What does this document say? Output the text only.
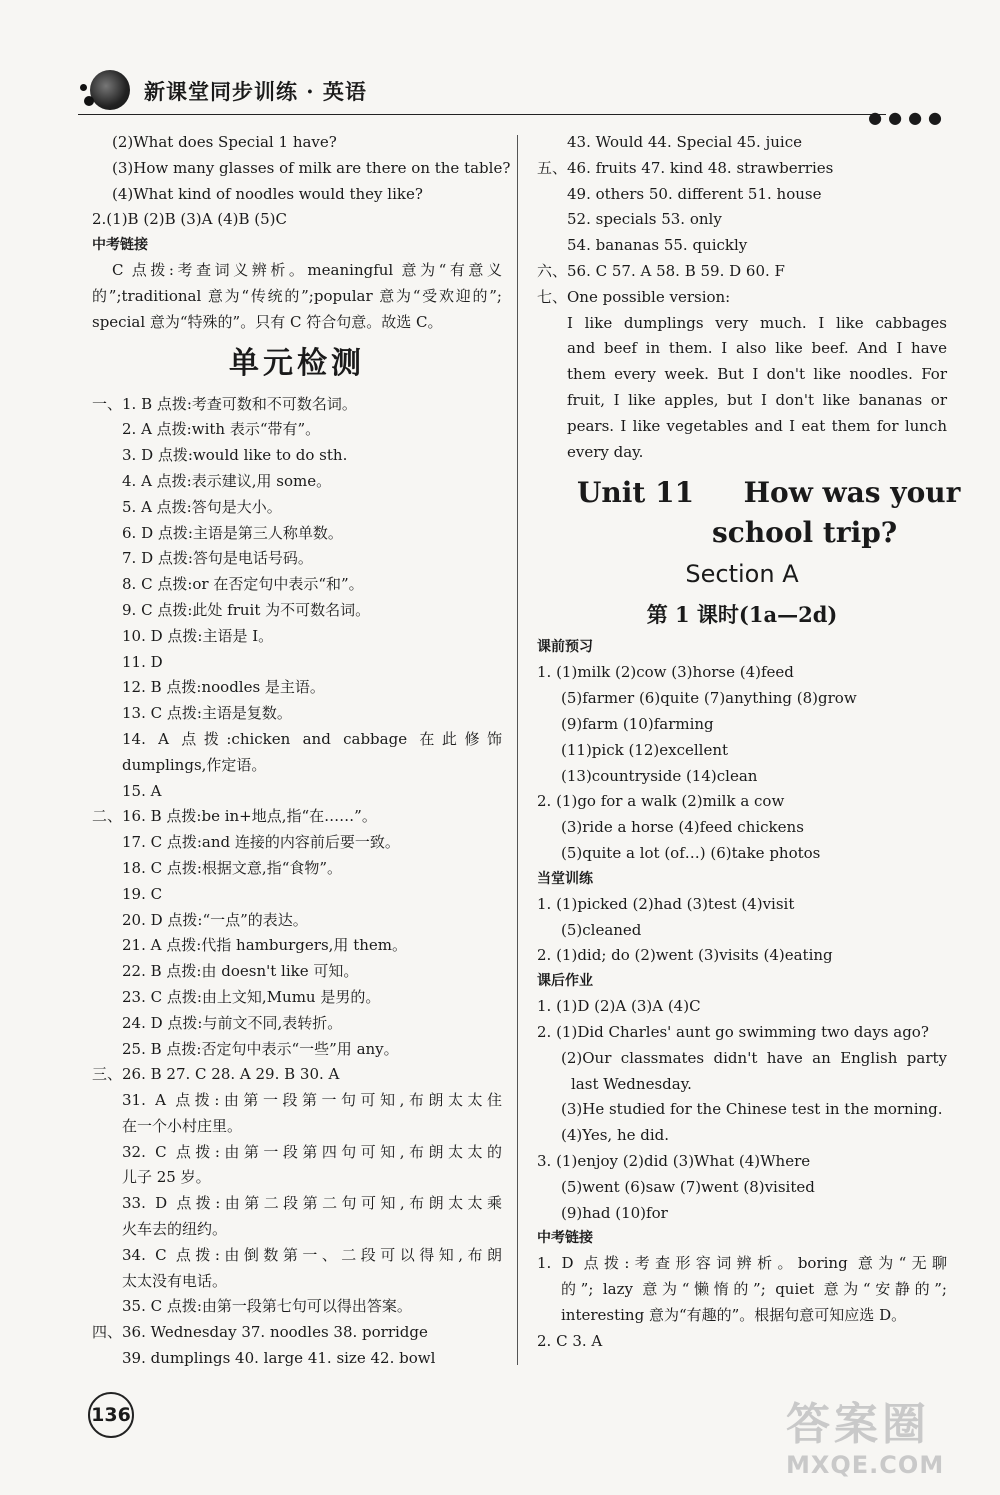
新课堂同步训练 · 英语
●●●●
(2)What does Special 1 have?
(3)How many glasses of milk are there on the table?
(4)What kind of noodles would they like?
2.(1)B (2)B (3)A (4)B (5)C
中考链接
C 点拨:考查词义辨析。meaningful 意为“有意义
的”;traditional 意为“传统的”;popular 意为“受欢迎的”;
special 意为“特殊的”。只有 C 符合句意。故选 C。
单元检测
一、1. B 点拨:考查可数和不可数名词。
2. A 点拨:with 表示“带有”。
3. D 点拨:would like to do sth.
4. A 点拨:表示建议,用 some。
5. A 点拨:答句是大小。
6. D 点拨:主语是第三人称单数。
7. D 点拨:答句是电话号码。
8. C 点拨:or 在否定句中表示“和”。
9. C 点拨:此处 fruit 为不可数名词。
10. D 点拨:主语是 I。
11. D
12. B 点拨:noodles 是主语。
13. C 点拨:主语是复数。
14. A 点拨:chicken and cabbage 在此修饰
dumplings,作定语。
15. A
二、16. B 点拨:be in+地点,指“在……”。
17. C 点拨:and 连接的内容前后要一致。
18. C 点拨:根据文意,指“食物”。
19. C
20. D 点拨:“一点”的表达。
21. A 点拨:代指 hamburgers,用 them。
22. B 点拨:由 doesn't like 可知。
23. C 点拨:由上文知,Mumu 是男的。
24. D 点拨:与前文不同,表转折。
25. B 点拨:否定句中表示“一些”用 any。
三、26. B 27. C 28. A 29. B 30. A
31. A 点拨:由第一段第一句可知,布朗太太住
在一个小村庄里。
32. C 点拨:由第一段第四句可知,布朗太太的
儿子 25 岁。
33. D 点拨:由第二段第二句可知,布朗太太乘
火车去的纽约。
34. C 点拨:由倒数第一、二段可以得知,布朗
太太没有电话。
35. C 点拨:由第一段第七句可以得出答案。
四、36. Wednesday 37. noodles 38. porridge
39. dumplings 40. large 41. size 42. bowl
43. Would 44. Special 45. juice
五、46. fruits 47. kind 48. strawberries
49. others 50. different 51. house
52. specials 53. only
54. bananas 55. quickly
六、56. C 57. A 58. B 59. D 60. F
七、One possible version:
I like dumplings very much. I like cabbages
and beef in them. I also like beef. And I have
them every week. But I don't like noodles. For
fruit, I like apples, but I don't like bananas or
pears. I like vegetables and I eat them for lunch
every day.
Unit 11 How was your
school trip?
Section A
第 1 课时(1a—2d)
课前预习
1. (1)milk (2)cow (3)horse (4)feed
(5)farmer (6)quite (7)anything (8)grow
(9)farm (10)farming
(11)pick (12)excellent
(13)countryside (14)clean
2. (1)go for a walk (2)milk a cow
(3)ride a horse (4)feed chickens
(5)quite a lot (of…) (6)take photos
当堂训练
1. (1)picked (2)had (3)test (4)visit
(5)cleaned
2. (1)did; do (2)went (3)visits (4)eating
课后作业
1. (1)D (2)A (3)A (4)C
2. (1)Did Charles' aunt go swimming two days ago?
(2)Our classmates didn't have an English party
last Wednesday.
(3)He studied for the Chinese test in the morning.
(4)Yes, he did.
3. (1)enjoy (2)did (3)What (4)Where
(5)went (6)saw (7)went (8)visited
(9)had (10)for
中考链接
1. D 点拨:考查形容词辨析。boring 意为“无聊
的”; lazy 意为“懒惰的”; quiet 意为“安静的”;
interesting 意为“有趣的”。根据句意可知应选 D。
2. C 3. A
136	答案圈
MXQE.COM
